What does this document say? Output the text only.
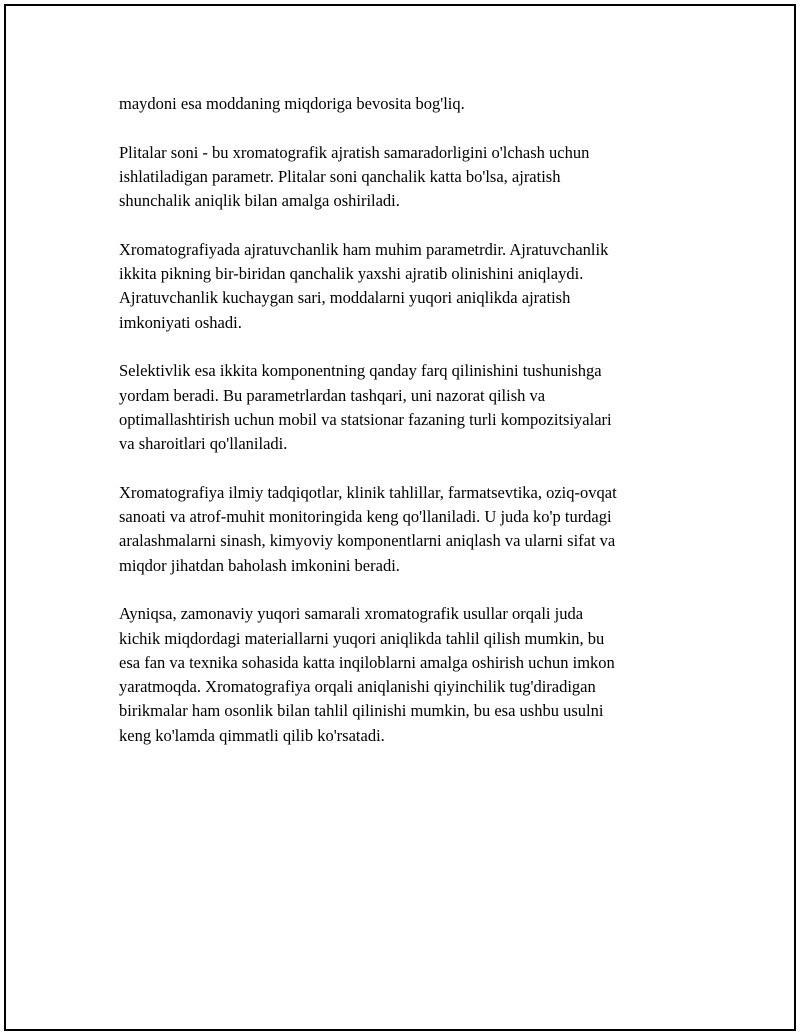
maydoni esa moddaning miqdoriga bevosita bog'liq.

Plitalar soni - bu xromatografik ajratish samaradorligini o'lchash uchun
ishlatiladigan parametr. Plitalar soni qanchalik katta bo'lsa, ajratish
shunchalik aniqlik bilan amalga oshiriladi.

Xromatografiyada ajratuvchanlik ham muhim parametrdir. Ajratuvchanlik
ikkita pikning bir-biridan qanchalik yaxshi ajratib olinishini aniqlaydi.
Ajratuvchanlik kuchaygan sari, moddalarni yuqori aniqlikda ajratish
imkoniyati oshadi.

Selektivlik esa ikkita komponentning qanday farq qilinishini tushunishga
yordam beradi. Bu parametrlardan tashqari, uni nazorat qilish va
optimallashtirish uchun mobil va statsionar fazaning turli kompozitsiyalari
va sharoitlari qo'llaniladi.

Xromatografiya ilmiy tadqiqotlar, klinik tahlillar, farmatsevtika, oziq-ovqat
sanoati va atrof-muhit monitoringida keng qo'llaniladi. U juda ko'p turdagi
aralashmalarni sinash, kimyoviy komponentlarni aniqlash va ularni sifat va
miqdor jihatdan baholash imkonini beradi.

Ayniqsa, zamonaviy yuqori samarali xromatografik usullar orqali juda
kichik miqdordagi materiallarni yuqori aniqlikda tahlil qilish mumkin, bu
esa fan va texnika sohasida katta inqiloblarni amalga oshirish uchun imkon
yaratmoqda. Xromatografiya orqali aniqlanishi qiyinchilik tug'diradigan
birikmalar ham osonlik bilan tahlil qilinishi mumkin, bu esa ushbu usulni
keng ko'lamda qimmatli qilib ko'rsatadi.
